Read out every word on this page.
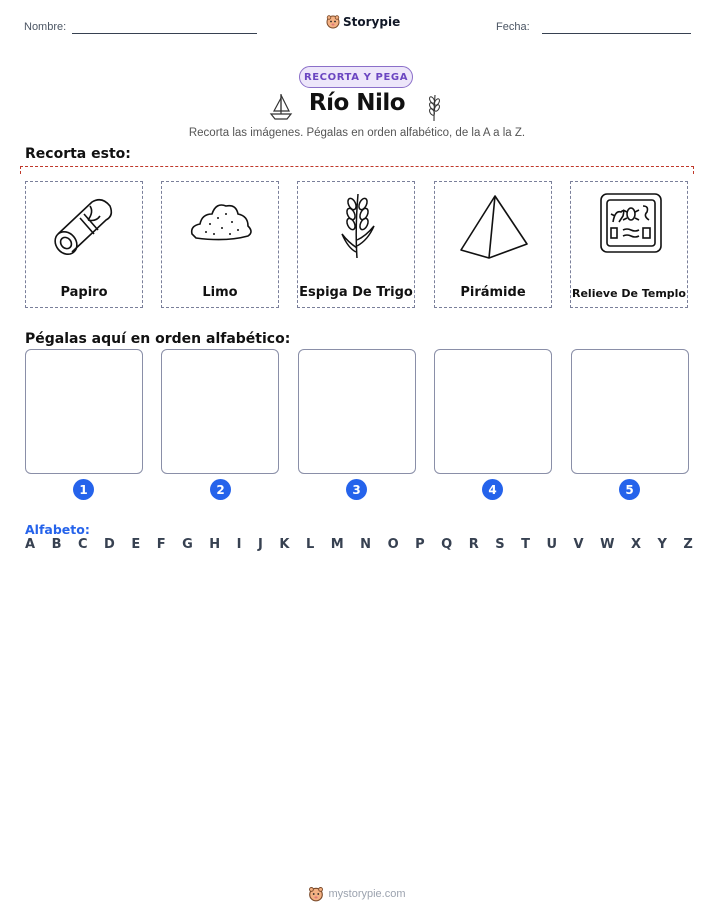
Nombre:	Storypie	Fecha:
RECORTA Y PEGA
Río Nilo
Recorta las imágenes. Pégalas en orden alfabético, de la A a la Z.
Recorta esto:
Papiro	Limo	Espiga De Trigo	Pirámide	Relieve De Templo
Pégalas aquí en orden alfabético:
1	2	3	4	5
Alfabeto:
A B C D E F G H I J K L M N O P Q R S T U V W X Y Z
mystorypie.com
